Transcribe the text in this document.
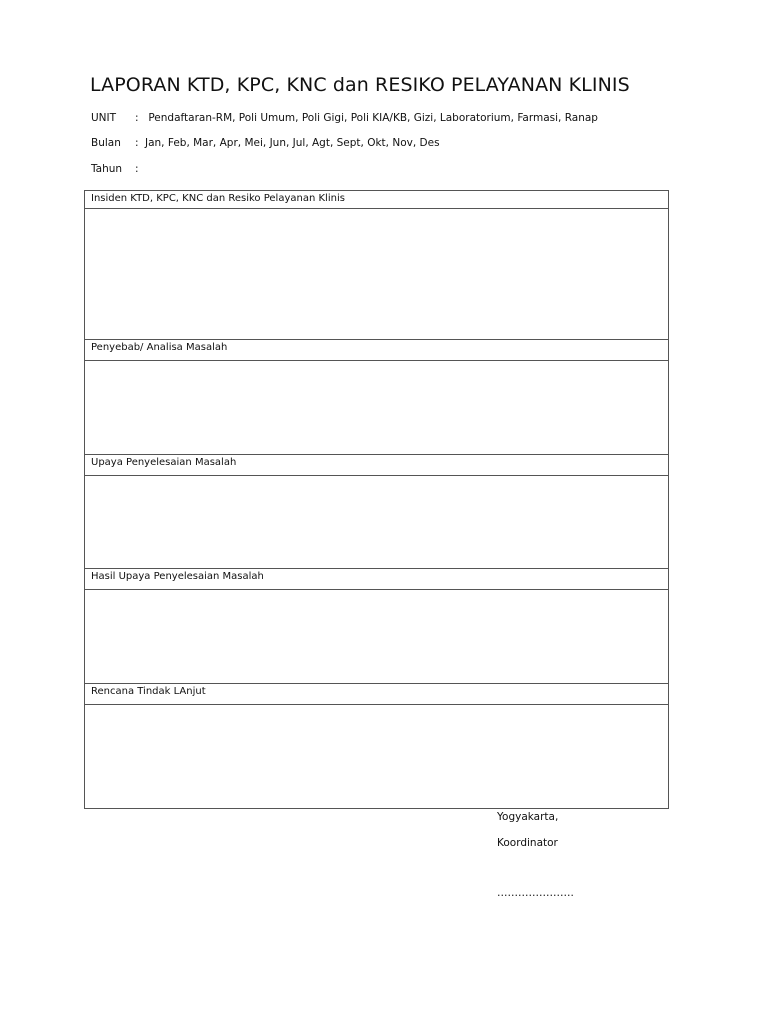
LAPORAN KTD, KPC, KNC dan RESIKO PELAYANAN KLINIS
UNIT : Pendaftaran-RM, Poli Umum, Poli Gigi, Poli KIA/KB, Gizi, Laboratorium, Farmasi, Ranap
Bulan : Jan, Feb, Mar, Apr, Mei, Jun, Jul, Agt, Sept, Okt, Nov, Des
Tahun :
Insiden KTD, KPC, KNC dan Resiko Pelayanan Klinis
Penyebab/ Analisa Masalah
Upaya Penyelesaian Masalah
Hasil Upaya Penyelesaian Masalah
Rencana Tindak LAnjut
Yogyakarta,
Koordinator
………………….
